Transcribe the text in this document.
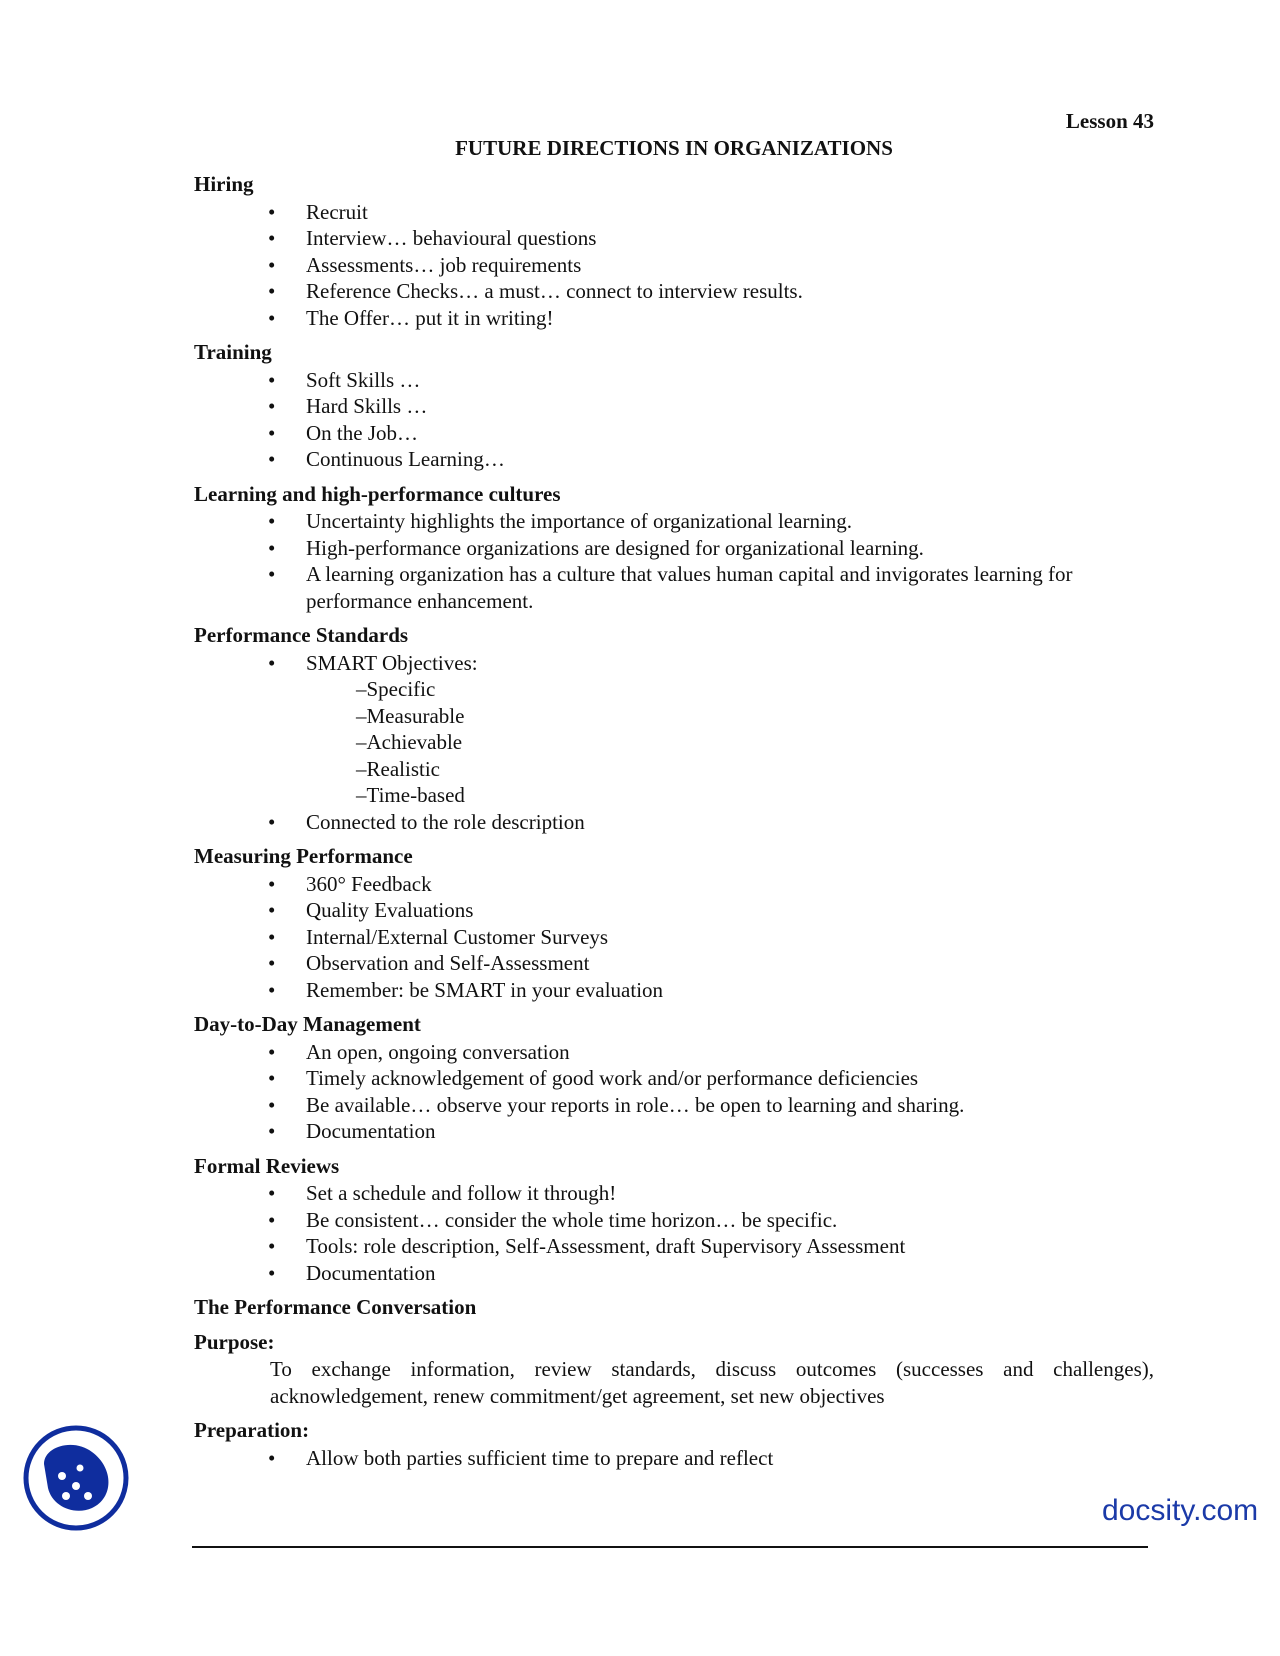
Lesson 43

FUTURE DIRECTIONS IN ORGANIZATIONS

Hiring

• Recruit
• Interview… behavioural questions
• Assessments… job requirements
• Reference Checks… a must… connect to interview results.
• The Offer… put it in writing!

Training

• Soft Skills …
• Hard Skills …
• On the Job…
• Continuous Learning…

Learning and high-performance cultures

• Uncertainty highlights the importance of organizational learning.
• High-performance organizations are designed for organizational learning.
• A learning organization has a culture that values human capital and invigorates learning for performance enhancement.

Performance Standards

• SMART Objectives:
–Specific
–Measurable
–Achievable
–Realistic
–Time-based
• Connected to the role description

Measuring Performance

• 360° Feedback
• Quality Evaluations
• Internal/External Customer Surveys
• Observation and Self-Assessment
• Remember: be SMART in your evaluation

Day-to-Day Management

• An open, ongoing conversation
• Timely acknowledgement of good work and/or performance deficiencies
• Be available… observe your reports in role… be open to learning and sharing.
• Documentation

Formal Reviews

• Set a schedule and follow it through!
• Be consistent… consider the whole time horizon… be specific.
• Tools: role description, Self-Assessment, draft Supervisory Assessment
• Documentation

The Performance Conversation

Purpose:

To exchange information, review standards, discuss outcomes (successes and challenges), acknowledgement, renew commitment/get agreement, set new objectives

Preparation:

• Allow both parties sufficient time to prepare and reflect
docsity.com
